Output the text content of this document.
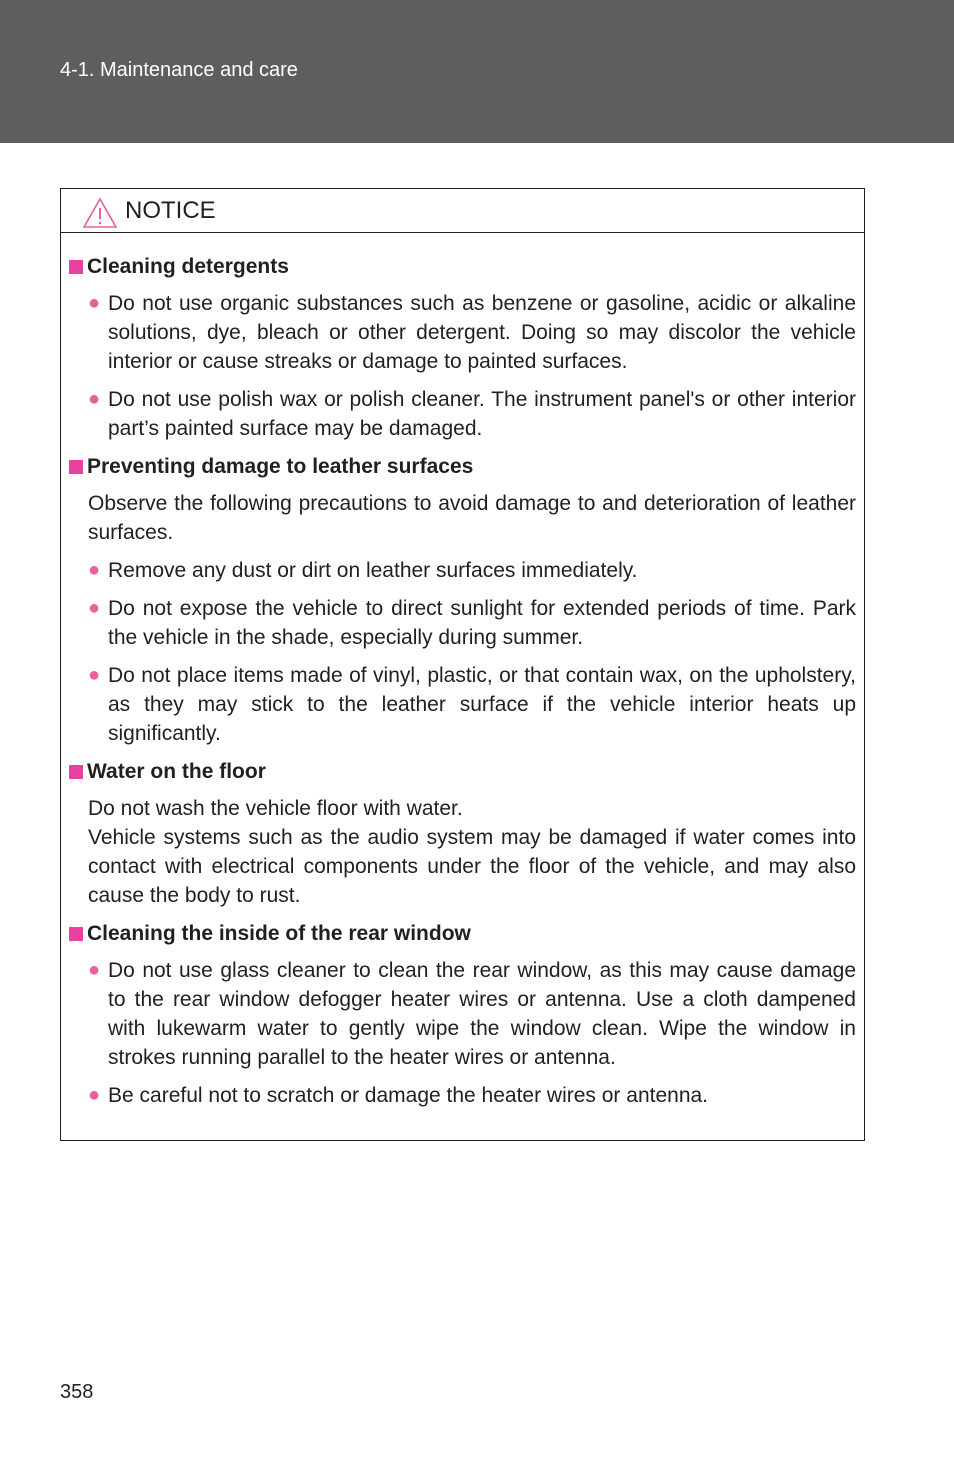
4-1. Maintenance and care
NOTICE
Cleaning detergents
● Do not use organic substances such as benzene or gasoline, acidic or alkaline solutions, dye, bleach or other detergent. Doing so may discolor the vehicle interior or cause streaks or damage to painted surfaces.
● Do not use polish wax or polish cleaner. The instrument panel's or other interior part’s painted surface may be damaged.
Preventing damage to leather surfaces
Observe the following precautions to avoid damage to and deterioration of leather surfaces.
● Remove any dust or dirt on leather surfaces immediately.
● Do not expose the vehicle to direct sunlight for extended periods of time. Park the vehicle in the shade, especially during summer.
● Do not place items made of vinyl, plastic, or that contain wax, on the upholstery, as they may stick to the leather surface if the vehicle interior heats up significantly.
Water on the floor
Do not wash the vehicle floor with water.
Vehicle systems such as the audio system may be damaged if water comes into contact with electrical components under the floor of the vehicle, and may also cause the body to rust.
Cleaning the inside of the rear window
● Do not use glass cleaner to clean the rear window, as this may cause damage to the rear window defogger heater wires or antenna. Use a cloth dampened with lukewarm water to gently wipe the window clean. Wipe the window in strokes running parallel to the heater wires or antenna.
● Be careful not to scratch or damage the heater wires or antenna.
358
